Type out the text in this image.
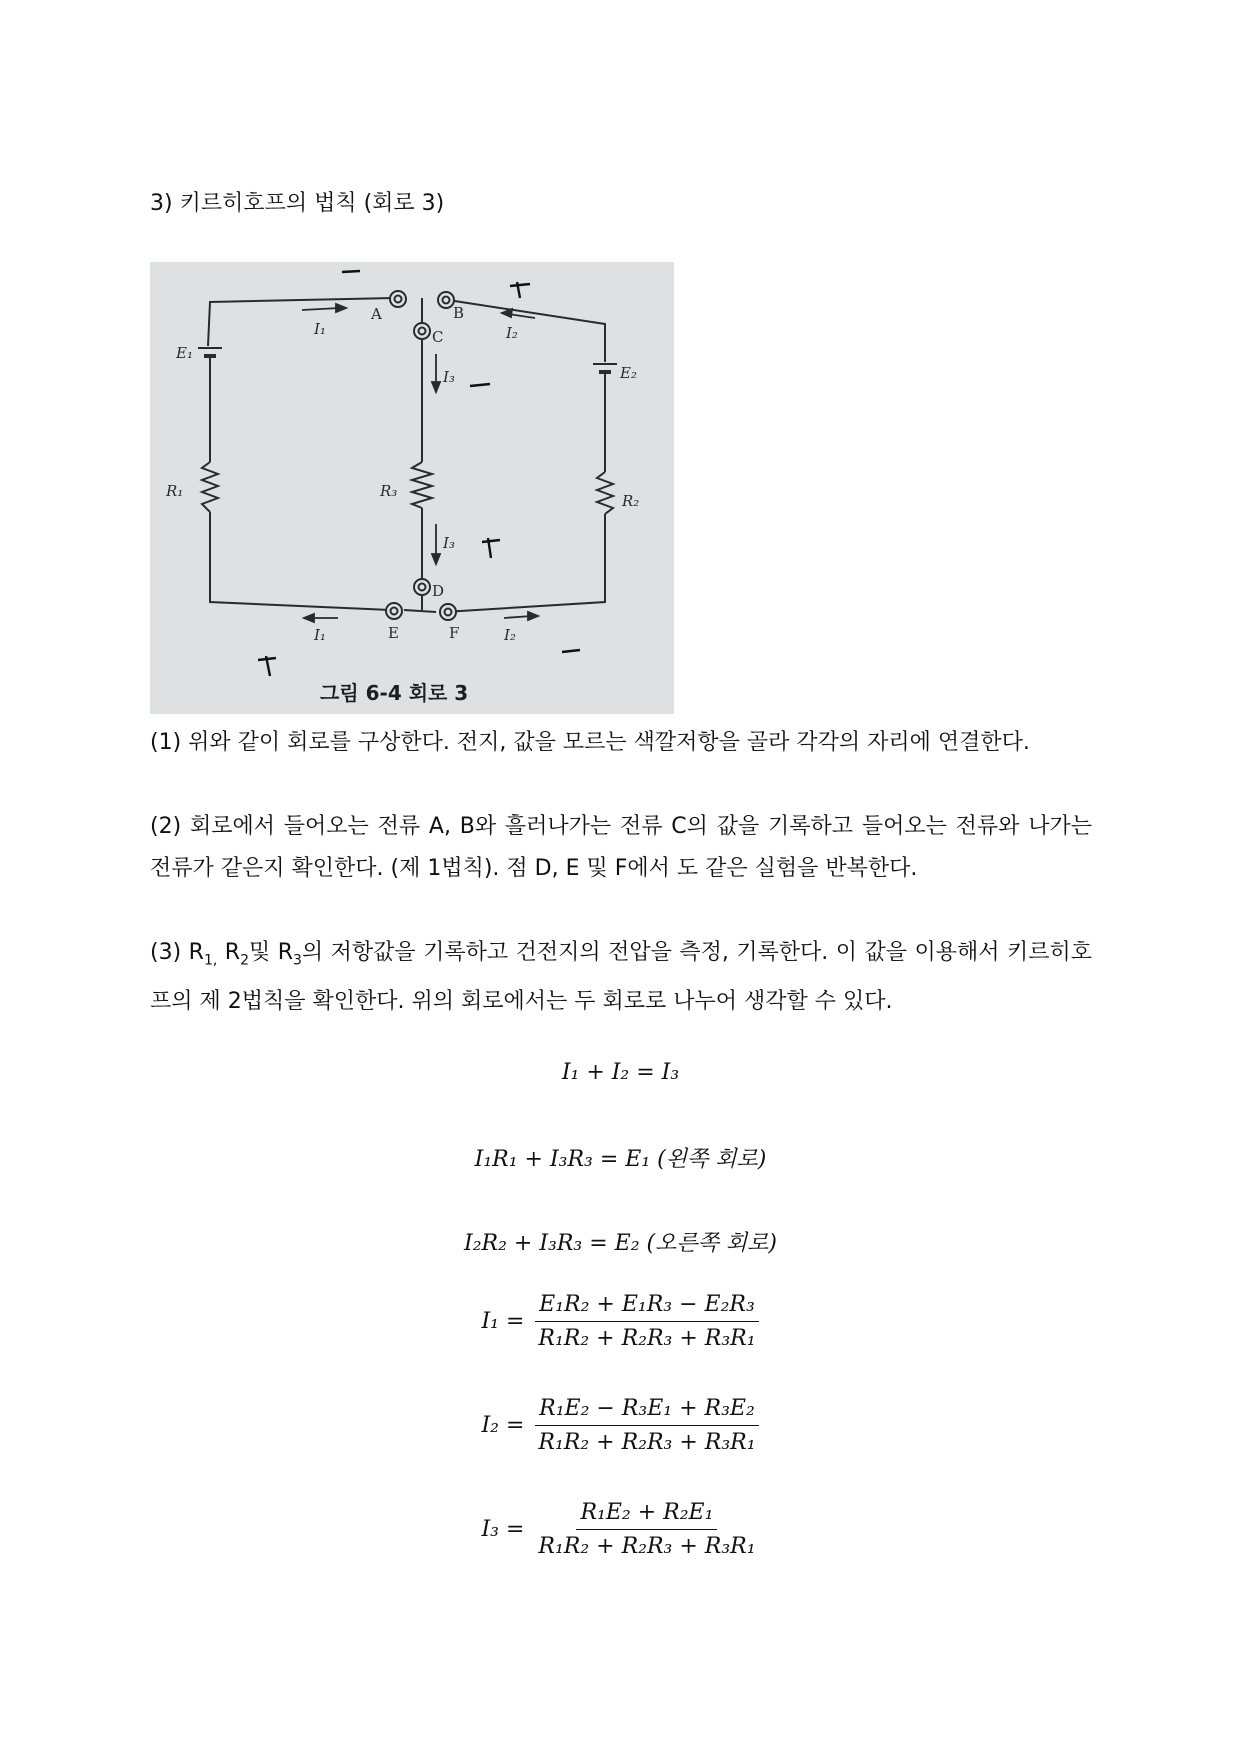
3) 키르히호프의 법칙 (회로 3)
A	B
C
D
E	F
E₁
E₂
R₁	R₃
R₂
I₁	I₂
I₃
I₃
I₁	I₂
그림 6-4 회로 3
(1) 위와 같이 회로를 구상한다. 전지, 값을 모르는 색깔저항을 골라 각각의 자리에 연결한다.
(2) 회로에서 들어오는 전류 A, B와 흘러나가는 전류 C의 값을 기록하고 들어오는 전류와 나가는 전류가 같은지 확인한다. (제 1법칙). 점 D, E 및 F에서 도 같은 실험을 반복한다.
(3) $R_{1,}$ $R_2$및 $R_3$의 저항값을 기록하고 건전지의 전압을 측정, 기록한다. 이 값을 이용해서 키르히호프의 제 2법칙을 확인한다. 위의 회로에서는 두 회로로 나누어 생각할 수 있다.
I₁ + I₂ = I₃
I₁R₁ + I₃R₃ = E₁ (왼쪽 회로)
I₂R₂ + I₃R₃ = E₂ (오른쪽 회로)
$I_1 = \frac{\text{E₁R₂ + E₁R₃ − E₂R₃}}{\text{R₁R₂ + R₂R₃ + R₃R₁}}$
$I_2 = \frac{\text{R₁E₂ − R₃E₁ + R₃E₂}}{\text{R₁R₂ + R₂R₃ + R₃R₁}}$
$I_3 = \frac{\text{R₁E₂ + R₂E₁}}{\text{R₁R₂ + R₂R₃ + R₃R₁}}$
